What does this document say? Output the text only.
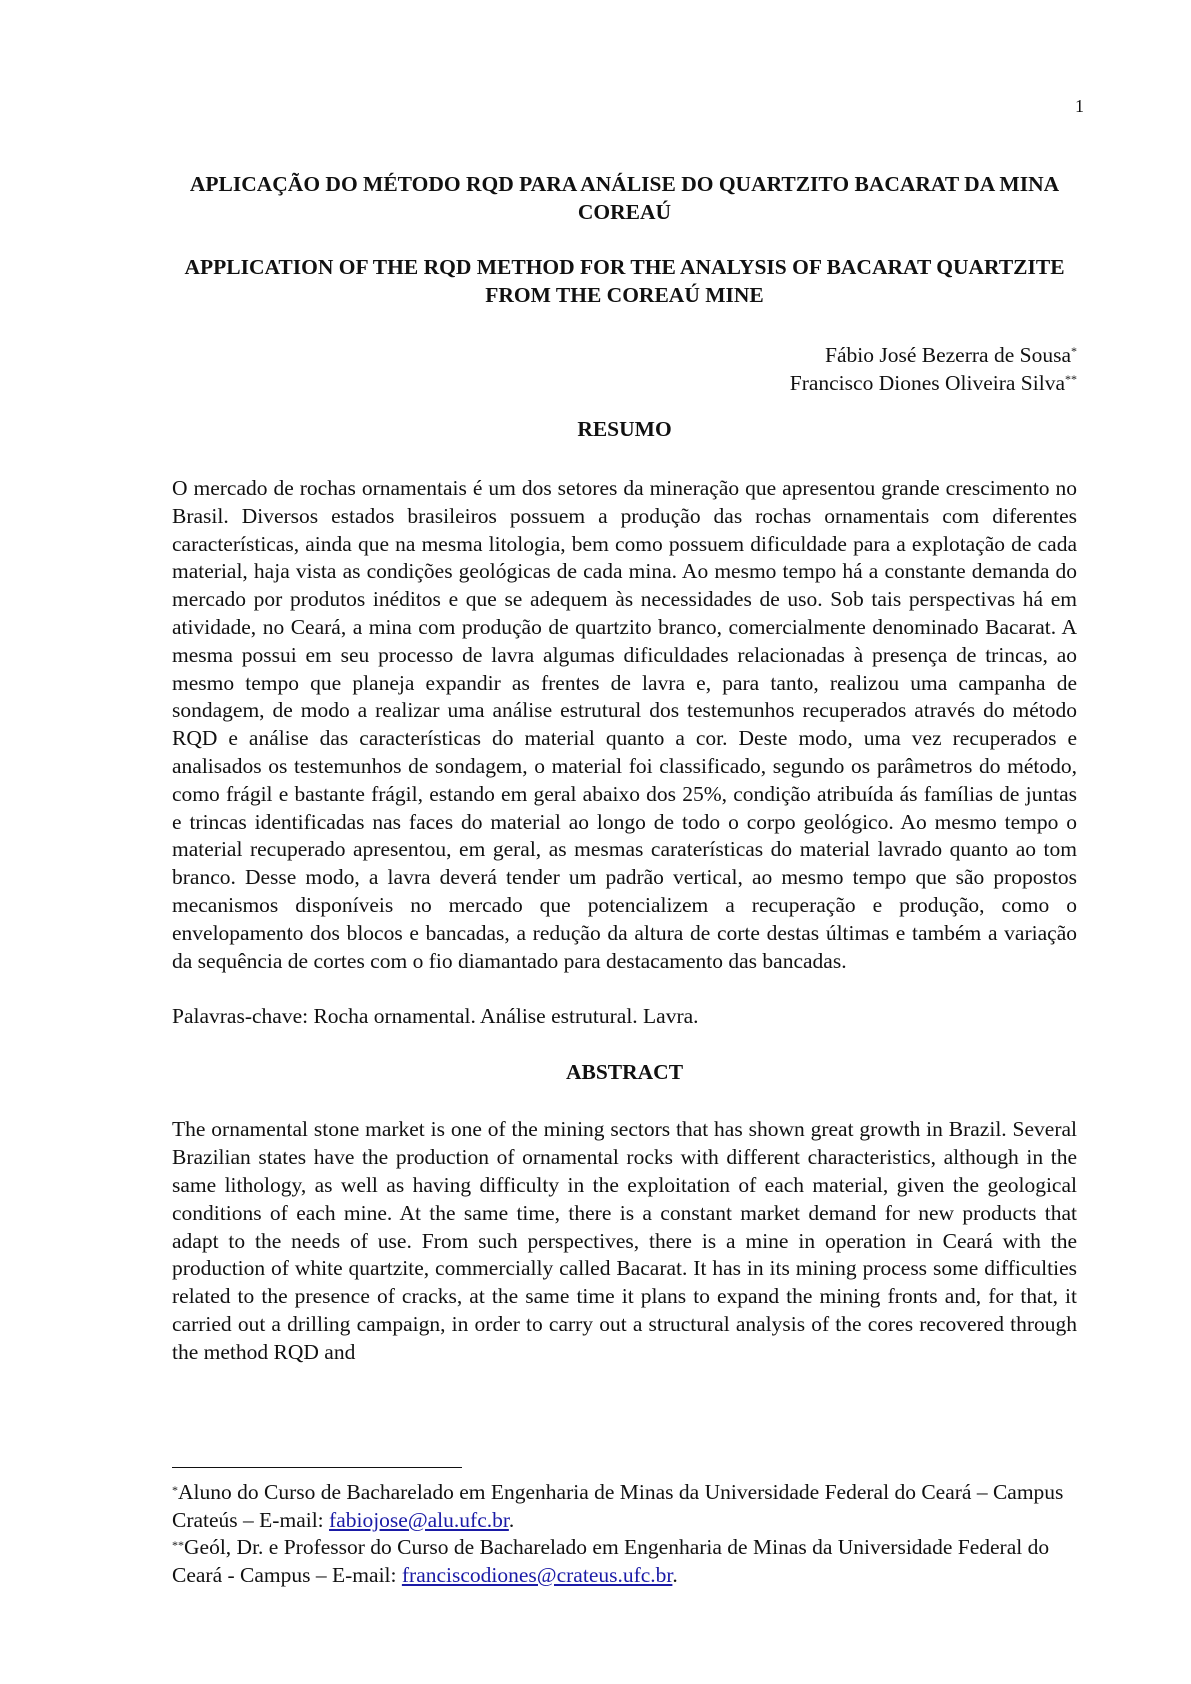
1
APLICAÇÃO DO MÉTODO RQD PARA ANÁLISE DO QUARTZITO BACARAT DA MINA COREAÚ
APPLICATION OF THE RQD METHOD FOR THE ANALYSIS OF BACARAT QUARTZITE FROM THE COREAÚ MINE
Fábio José Bezerra de Sousa*
Francisco Diones Oliveira Silva**
RESUMO

O mercado de rochas ornamentais é um dos setores da mineração que apresentou grande crescimento no Brasil. Diversos estados brasileiros possuem a produção das rochas ornamentais com diferentes características, ainda que na mesma litologia, bem como possuem dificuldade para a explotação de cada material, haja vista as condições geológicas de cada mina. Ao mesmo tempo há a constante demanda do mercado por produtos inéditos e que se adequem às necessidades de uso. Sob tais perspectivas há em atividade, no Ceará, a mina com produção de quartzito branco, comercialmente denominado Bacarat. A mesma possui em seu processo de lavra algumas dificuldades relacionadas à presença de trincas, ao mesmo tempo que planeja expandir as frentes de lavra e, para tanto, realizou uma campanha de sondagem, de modo a realizar uma análise estrutural dos testemunhos recuperados através do método RQD e análise das características do material quanto a cor. Deste modo, uma vez recuperados e analisados os testemunhos de sondagem, o material foi classificado, segundo os parâmetros do método, como frágil e bastante frágil, estando em geral abaixo dos 25%, condição atribuída ás famílias de juntas e trincas identificadas nas faces do material ao longo de todo o corpo geológico. Ao mesmo tempo o material recuperado apresentou, em geral, as mesmas caraterísticas do material lavrado quanto ao tom branco. Desse modo, a lavra deverá tender um padrão vertical, ao mesmo tempo que são propostos mecanismos disponíveis no mercado que potencializem a recuperação e produção, como o envelopamento dos blocos e bancadas, a redução da altura de corte destas últimas e também a variação da sequência de cortes com o fio diamantado para destacamento das bancadas.

Palavras-chave: Rocha ornamental. Análise estrutural. Lavra.

ABSTRACT

The ornamental stone market is one of the mining sectors that has shown great growth in Brazil. Several Brazilian states have the production of ornamental rocks with different characteristics, although in the same lithology, as well as having difficulty in the exploitation of each material, given the geological conditions of each mine. At the same time, there is a constant market demand for new products that adapt to the needs of use. From such perspectives, there is a mine in operation in Ceará with the production of white quartzite, commercially called Bacarat. It has in its mining process some difficulties related to the presence of cracks, at the same time it plans to expand the mining fronts and, for that, it carried out a drilling campaign, in order to carry out a structural analysis of the cores recovered through the method RQD and

*Aluno do Curso de Bacharelado em Engenharia de Minas da Universidade Federal do Ceará – Campus Crateús – E-mail: fabiojose@alu.ufc.br.

**Geól, Dr. e Professor do Curso de Bacharelado em Engenharia de Minas da Universidade Federal do Ceará - Campus – E-mail: franciscodiones@crateus.ufc.br.
